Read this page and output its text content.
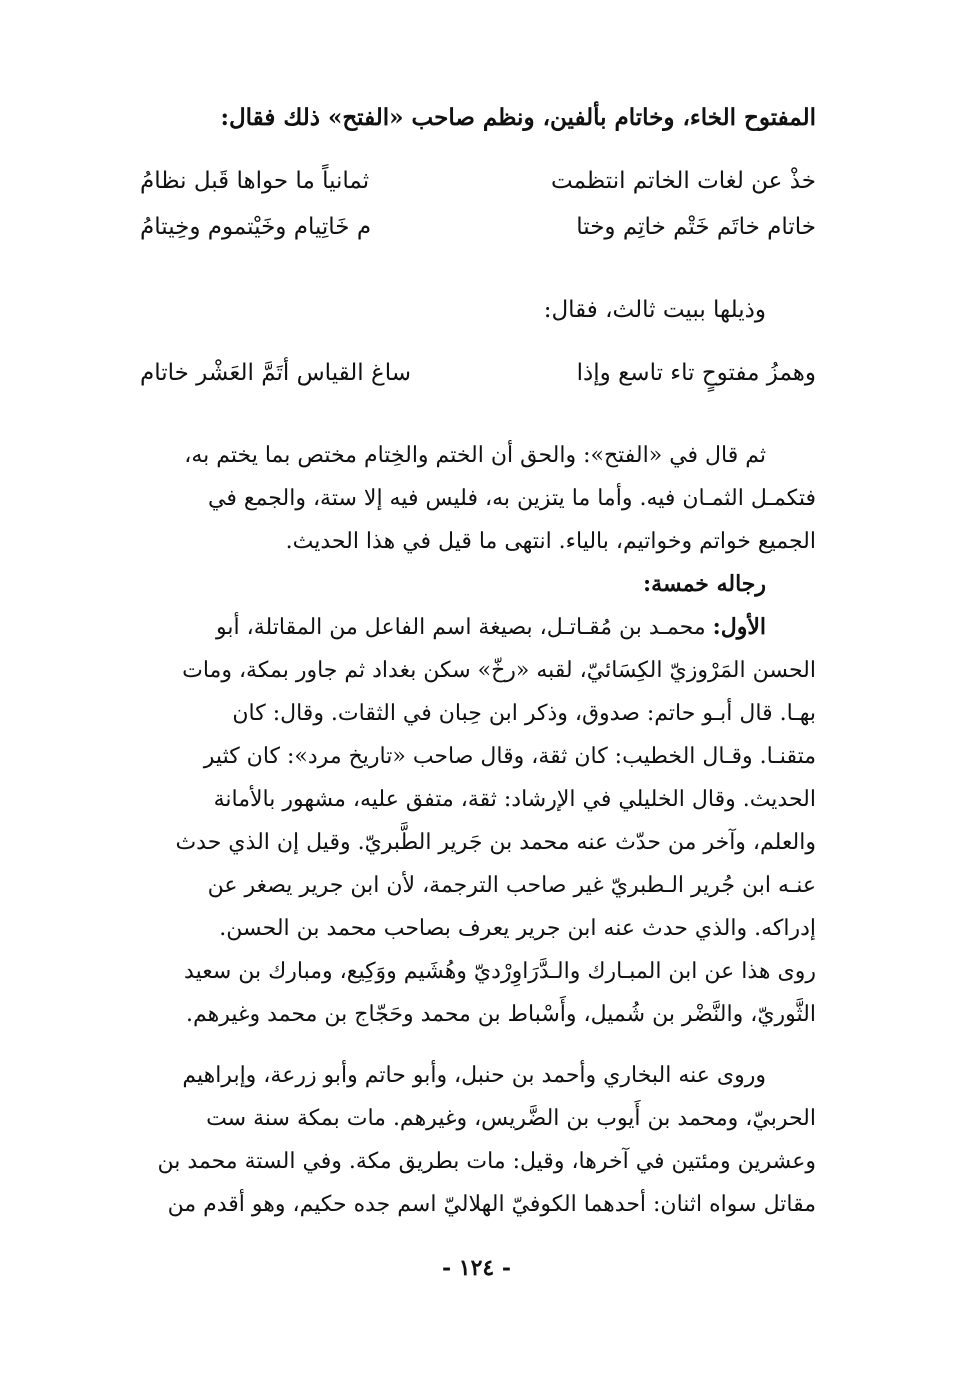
المفتوح الخاء، وخاتام بألفين، ونظم صاحب «الفتح» ذلك فقال:
خذْ عن لغات الخاتم انتظمت
ثمانياً ما حواها قَبل نظامُ
خاتام خاتَم خَتْم خاتِم وختا
م خَاتِيام وخَيْتموم وخِيتامُ
وذيلها ببيت ثالث، فقال:
وهمزُ مفتوحٍ تاء تاسع وإذا
ساغ القياس أتَمَّ العَشْر خاتام
ثم قال في «الفتح»: والحق أن الختم والخِتام مختص بما يختم به،
فتكمـل الثمـان فيه. وأما ما يتزين به، فليس فيه إلا ستة، والجمع في
الجميع خواتم وخواتيم، بالياء. انتهى ما قيل في هذا الحديث.
رجاله خمسة:
الأول: محمـد بن مُقـاتـل، بصيغة اسم الفاعل من المقاتلة، أبو
الحسن المَرْوزيّ الكِسَائيّ، لقبه «رخّ» سكن بغداد ثم جاور بمكة، ومات
بهـا. قال أبـو حاتم: صدوق، وذكر ابن حِبان في الثقات. وقال: كان
متقنـا. وقـال الخطيب: كان ثقة، وقال صاحب «تاريخ مرد»: كان كثير
الحديث. وقال الخليلي في الإرشاد: ثقة، متفق عليه، مشهور بالأمانة
والعلم، وآخر من حدّث عنه محمد بن جَرير الطَّبريّ. وقيل إن الذي حدث
عنـه ابن جُرير الـطبريّ غير صاحب الترجمة، لأن ابن جرير يصغر عن
إدراكه. والذي حدث عنه ابن جرير يعرف بصاحب محمد بن الحسن.
روى هذا عن ابن المبـارك والـدَّرَاوِرْديّ وهُشَيم ووَكِيع، ومبارك بن سعيد
الثَّوريّ، والنَّضْر بن شُميل، وأَسْباط بن محمد وحَجّاج بن محمد وغيرهم.
وروى عنه البخاري وأحمد بن حنبل، وأبو حاتم وأبو زرعة، وإبراهيم
الحربيّ، ومحمد بن أَيوب بن الضَّريس، وغيرهم. مات بمكة سنة ست
وعشرين ومئتين في آخرها، وقيل: مات بطريق مكة. وفي الستة محمد بن
مقاتل سواه اثنان: أحدهما الكوفيّ الهلاليّ اسم جده حكيم، وهو أقدم من
- ١٢٤ -
